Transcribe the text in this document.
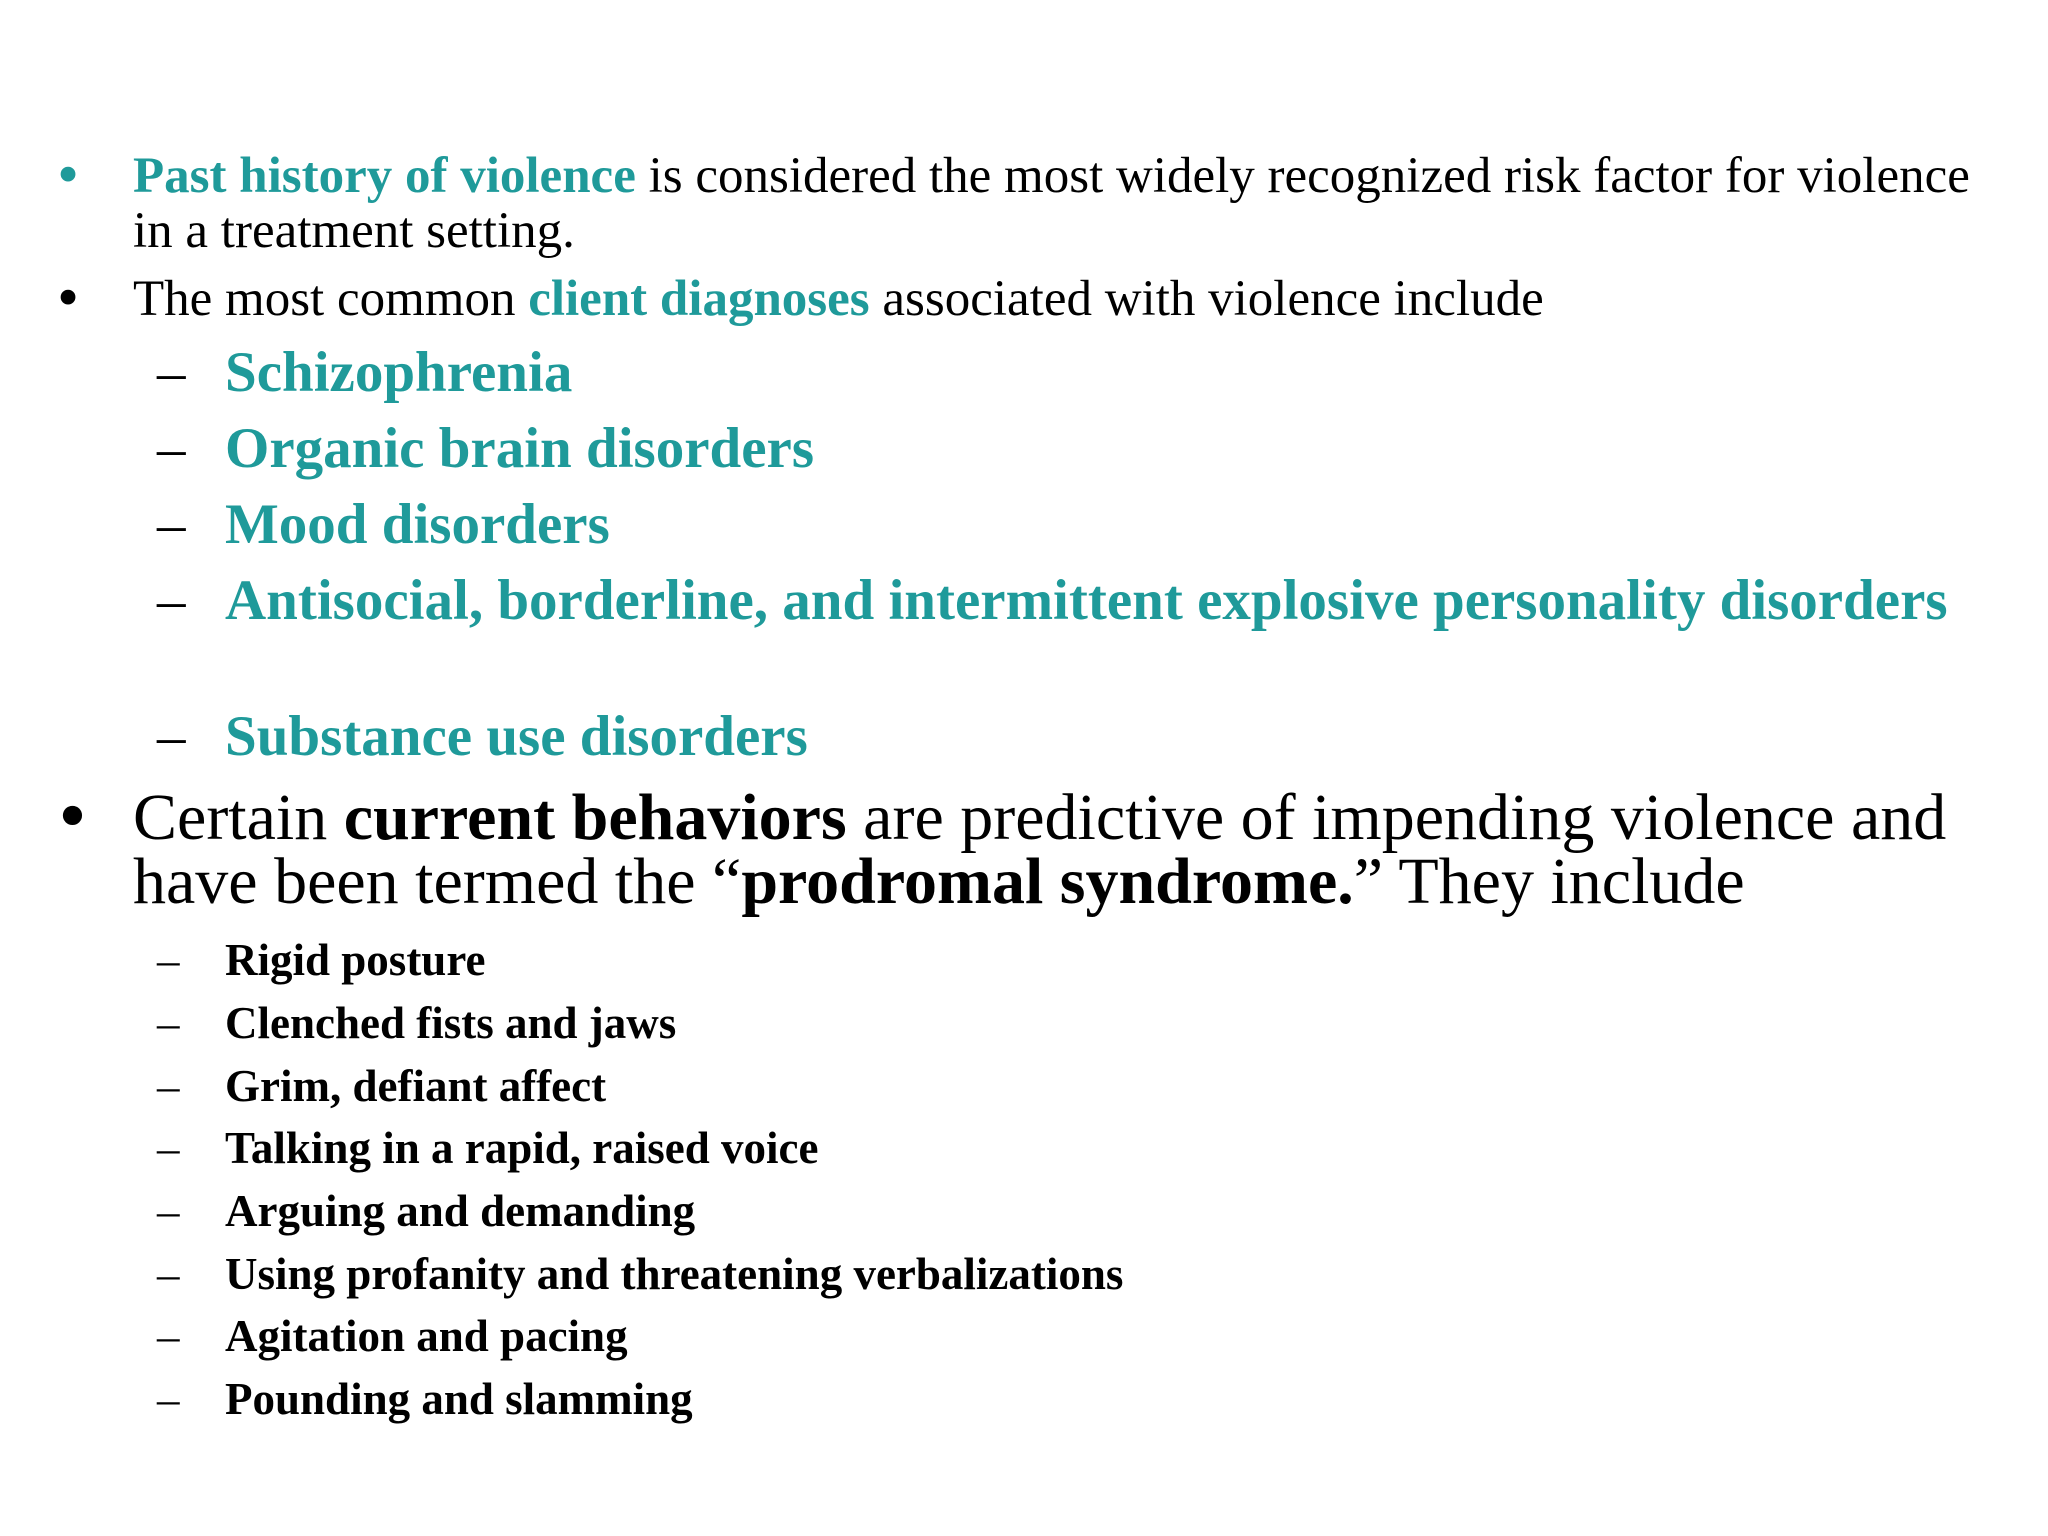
• Past history of violence is considered the most widely recognized risk factor for violence in a treatment setting.
• The most common client diagnoses associated with violence include
– Schizophrenia
– Organic brain disorders
– Mood disorders
– Antisocial, borderline, and intermittent explosive personality disorders
– Substance use disorders
• Certain current behaviors are predictive of impending violence and have been termed the “prodromal syndrome.” They include
– Rigid posture
– Clenched fists and jaws
– Grim, defiant affect
– Talking in a rapid, raised voice
– Arguing and demanding
– Using profanity and threatening verbalizations
– Agitation and pacing
– Pounding and slamming
